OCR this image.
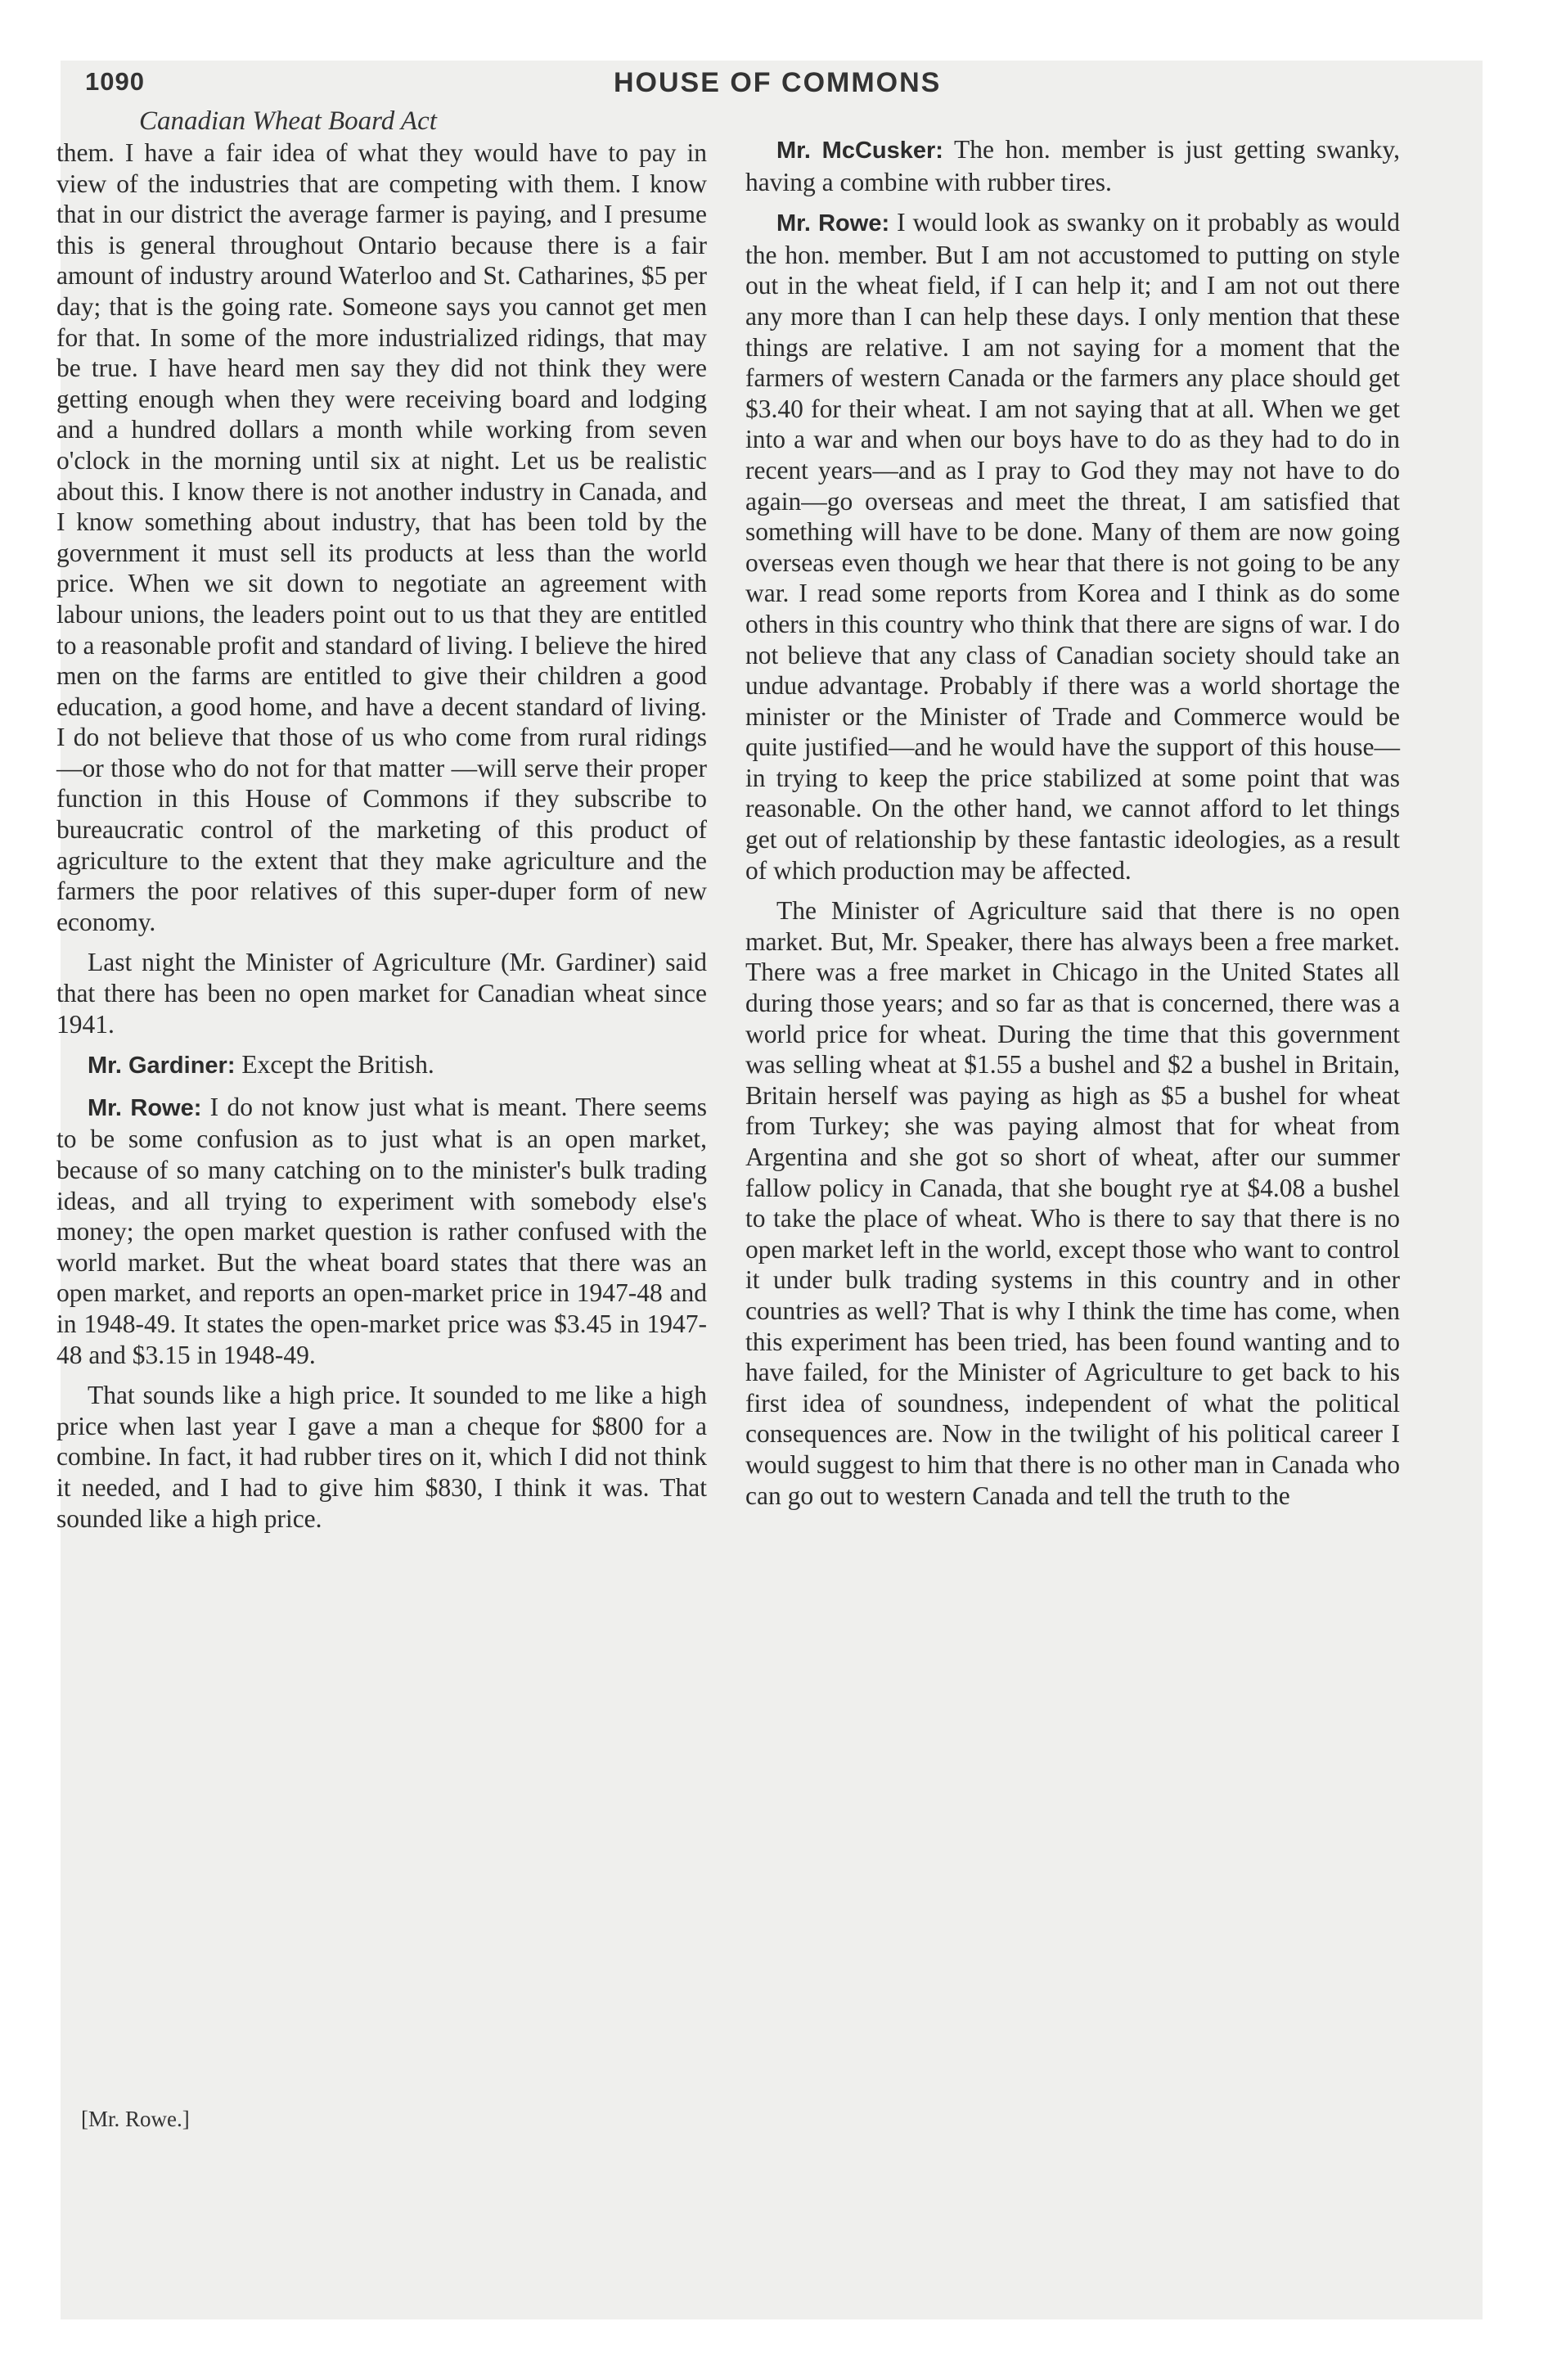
1090	HOUSE OF COMMONS
Canadian Wheat Board Act

them. I have a fair idea of what they would have to pay in view of the industries that are competing with them. I know that in our district the average farmer is paying, and I presume this is general throughout Ontario because there is a fair amount of industry around Waterloo and St. Catharines, $5 per day; that is the going rate. Someone says you cannot get men for that. In some of the more industrialized ridings, that may be true. I have heard men say they did not think they were getting enough when they were receiving board and lodging and a hundred dollars a month while working from seven o'clock in the morning until six at night. Let us be realistic about this. I know there is not another industry in Canada, and I know something about industry, that has been told by the government it must sell its products at less than the world price. When we sit down to negotiate an agreement with labour unions, the leaders point out to us that they are entitled to a reasonable profit and standard of living. I believe the hired men on the farms are entitled to give their children a good education, a good home, and have a decent standard of living. I do not believe that those of us who come from rural ridings—or those who do not for that matter —will serve their proper function in this House of Commons if they subscribe to bureaucratic control of the marketing of this product of agriculture to the extent that they make agriculture and the farmers the poor relatives of this super-duper form of new economy.

Last night the Minister of Agriculture (Mr. Gardiner) said that there has been no open market for Canadian wheat since 1941.

Mr. Gardiner: Except the British.

Mr. Rowe: I do not know just what is meant. There seems to be some confusion as to just what is an open market, because of so many catching on to the minister's bulk trading ideas, and all trying to experiment with somebody else's money; the open market question is rather confused with the world market. But the wheat board states that there was an open market, and reports an open-market price in 1947-48 and in 1948-49. It states the open-market price was $3.45 in 1947-48 and $3.15 in 1948-49.

That sounds like a high price. It sounded to me like a high price when last year I gave a man a cheque for $800 for a combine. In fact, it had rubber tires on it, which I did not think it needed, and I had to give him $830, I think it was. That sounded like a high price.

[Mr. Rowe.]

Mr. McCusker: The hon. member is just getting swanky, having a combine with rubber tires.

Mr. Rowe: I would look as swanky on it probably as would the hon. member. But I am not accustomed to putting on style out in the wheat field, if I can help it; and I am not out there any more than I can help these days. I only mention that these things are relative. I am not saying for a moment that the farmers of western Canada or the farmers any place should get $3.40 for their wheat. I am not saying that at all. When we get into a war and when our boys have to do as they had to do in recent years—and as I pray to God they may not have to do again—go overseas and meet the threat, I am satisfied that something will have to be done. Many of them are now going overseas even though we hear that there is not going to be any war. I read some reports from Korea and I think as do some others in this country who think that there are signs of war. I do not believe that any class of Canadian society should take an undue advantage. Probably if there was a world shortage the minister or the Minister of Trade and Commerce would be quite justified—and he would have the support of this house—in trying to keep the price stabilized at some point that was reasonable. On the other hand, we cannot afford to let things get out of relationship by these fantastic ideologies, as a result of which production may be affected.

The Minister of Agriculture said that there is no open market. But, Mr. Speaker, there has always been a free market. There was a free market in Chicago in the United States all during those years; and so far as that is concerned, there was a world price for wheat. During the time that this government was selling wheat at $1.55 a bushel and $2 a bushel in Britain, Britain herself was paying as high as $5 a bushel for wheat from Turkey; she was paying almost that for wheat from Argentina and she got so short of wheat, after our summer fallow policy in Canada, that she bought rye at $4.08 a bushel to take the place of wheat. Who is there to say that there is no open market left in the world, except those who want to control it under bulk trading systems in this country and in other countries as well? That is why I think the time has come, when this experiment has been tried, has been found wanting and to have failed, for the Minister of Agriculture to get back to his first idea of soundness, independent of what the political consequences are. Now in the twilight of his political career I would suggest to him that there is no other man in Canada who can go out to western Canada and tell the truth to the
